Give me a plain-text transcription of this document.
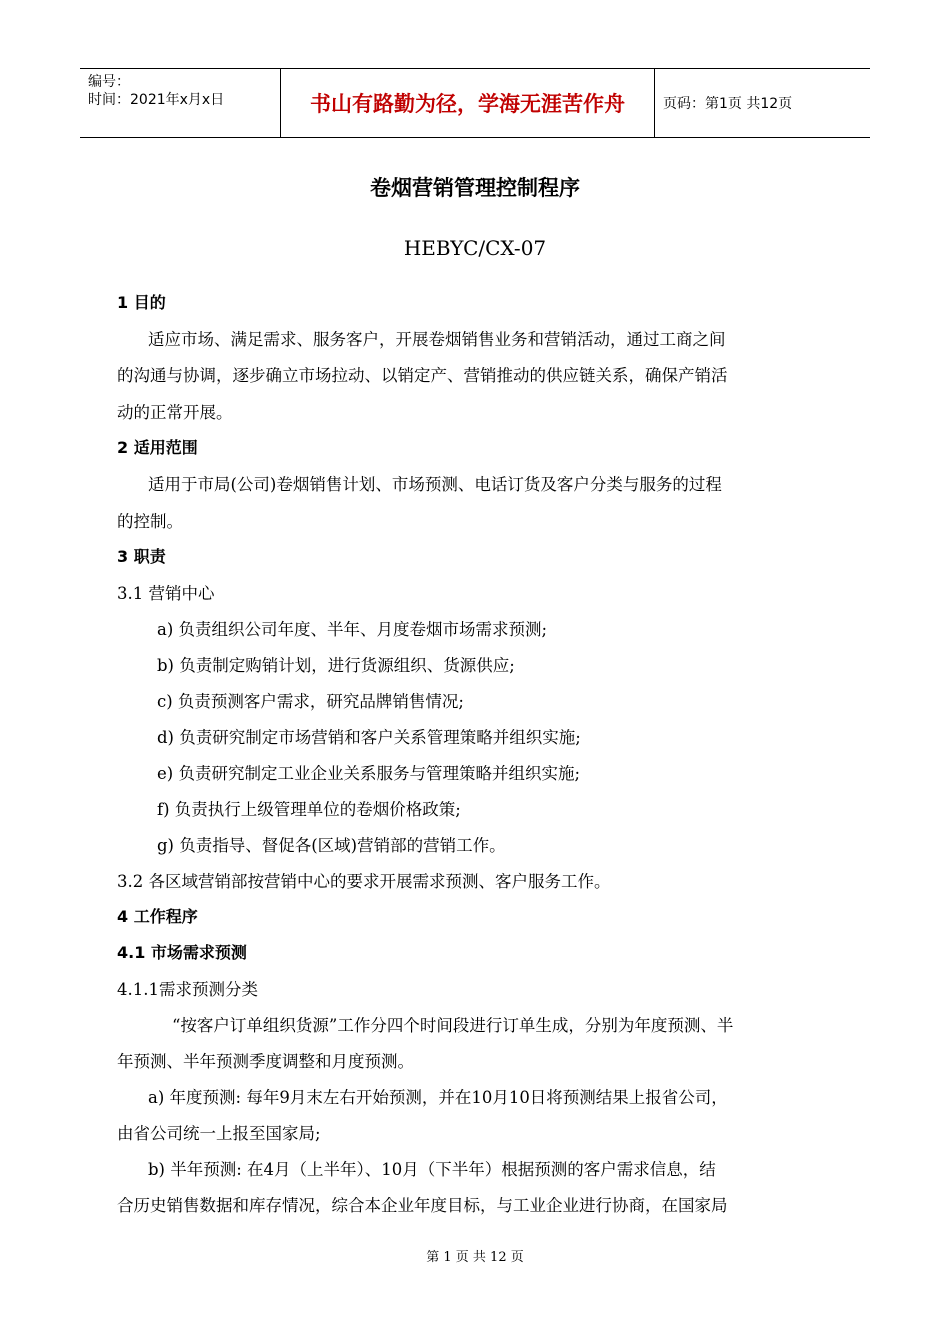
编号：
时间：2021年x月x日	书山有路勤为径，学海无涯苦作舟	页码：第1页 共12页
卷烟营销管理控制程序
HEBYC/CX-07
1 目的
适应市场、满足需求、服务客户，开展卷烟销售业务和营销活动，通过工商之间
的沟通与协调，逐步确立市场拉动、以销定产、营销推动的供应链关系，确保产销活
动的正常开展。
2 适用范围
适用于市局(公司)卷烟销售计划、市场预测、电话订货及客户分类与服务的过程
的控制。
3 职责
3.1 营销中心
a) 负责组织公司年度、半年、月度卷烟市场需求预测;
b) 负责制定购销计划，进行货源组织、货源供应;
c) 负责预测客户需求，研究品牌销售情况;
d) 负责研究制定市场营销和客户关系管理策略并组织实施;
e) 负责研究制定工业企业关系服务与管理策略并组织实施;
f) 负责执行上级管理单位的卷烟价格政策;
g) 负责指导、督促各(区域)营销部的营销工作。
3.2 各区域营销部按营销中心的要求开展需求预测、客户服务工作。
4 工作程序
4.1 市场需求预测
4.1.1需求预测分类
“按客户订单组织货源”工作分四个时间段进行订单生成，分别为年度预测、半
年预测、半年预测季度调整和月度预测。
a) 年度预测: 每年9月末左右开始预测，并在10月10日将预测结果上报省公司，
由省公司统一上报至国家局;
b) 半年预测: 在4月（上半年）、10月（下半年）根据预测的客户需求信息，结
合历史销售数据和库存情况，综合本企业年度目标，与工业企业进行协商，在国家局
第 1 页 共 12 页
